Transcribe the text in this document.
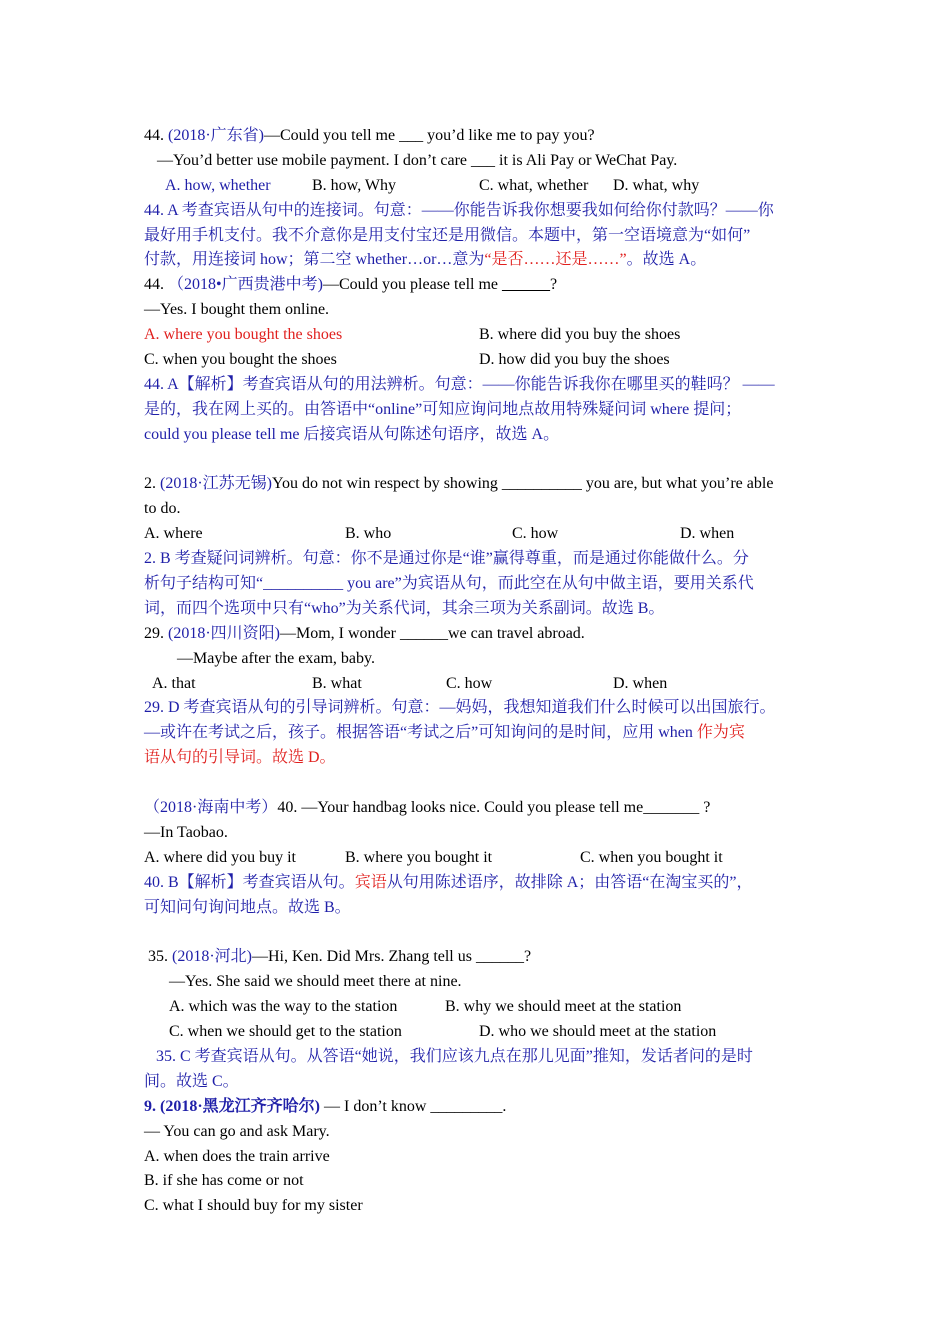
44. (2018·广东省)—Could you tell me ___ you’d like me to pay you?
—You’d better use mobile payment. I don’t care ___ it is Ali Pay or WeChat Pay.
A. how, whether	B. how, Why	C. what, whether D. what, why
44. A 考查宾语从句中的连接词。句意：——你能告诉我你想要我如何给你付款吗？——你
最好用手机支付。我不介意你是用支付宝还是用微信。本题中，第一空语境意为“如何”
付款，用连接词 how；第二空 whether…or…意为“是否……还是……”。故选 A。
44. （2018•广西贵港中考)—Could you please tell me ______?
—Yes. I bought them online.
A. where you bought the shoes	B. where did you buy the shoes
C. when you bought the shoes	D. how did you buy the shoes
44. A【解析】考查宾语从句的用法辨析。句意：——你能告诉我你在哪里买的鞋吗？ ——
是的，我在网上买的。由答语中“online”可知应询问地点故用特殊疑问词 where 提问；
could you please tell me 后接宾语从句陈述句语序，故选 A。
2. (2018·江苏无锡)You do not win respect by showing __________ you are, but what you’re able
to do.
A. where	B. who	C. how	D. when
2. B 考查疑问词辨析。句意：你不是通过你是“谁”赢得尊重，而是通过你能做什么。分
析句子结构可知“__________ you are”为宾语从句，而此空在从句中做主语，要用关系代
词，而四个选项中只有“who”为关系代词，其余三项为关系副词。故选 B。
29. (2018·四川资阳)—Mom, I wonder ______we can travel abroad.
—Maybe after the exam, baby.
A. that	B. what	C. how	D. when
29. D 考查宾语从句的引导词辨析。句意：—妈妈，我想知道我们什么时候可以出国旅行。
—或许在考试之后，孩子。根据答语“考试之后”可知询问的是时间，应用 when 作为宾
语从句的引导词。故选 D。
（2018·海南中考）40. —Your handbag looks nice. Could you please tell me_______ ?
—In Taobao.
A. where did you buy it	B. where you bought it	C. when you bought it
40. B【解析】考查宾语从句。宾语从句用陈述语序，故排除 A；由答语“在淘宝买的”，
可知问句询问地点。故选 B。
35. (2018·河北)—Hi, Ken. Did Mrs. Zhang tell us ______?
—Yes. She said we should meet there at nine.
A. which was the way to the station	B. why we should meet at the station
C. when we should get to the station	D. who we should meet at the station
35. C 考查宾语从句。从答语“她说，我们应该九点在那儿见面”推知，发话者问的是时
间。故选 C。
9. (2018·黑龙江齐齐哈尔) — I don’t know _________.
— You can go and ask Mary.
A. when does the train arrive
B. if she has come or not
C. what I should buy for my sister
